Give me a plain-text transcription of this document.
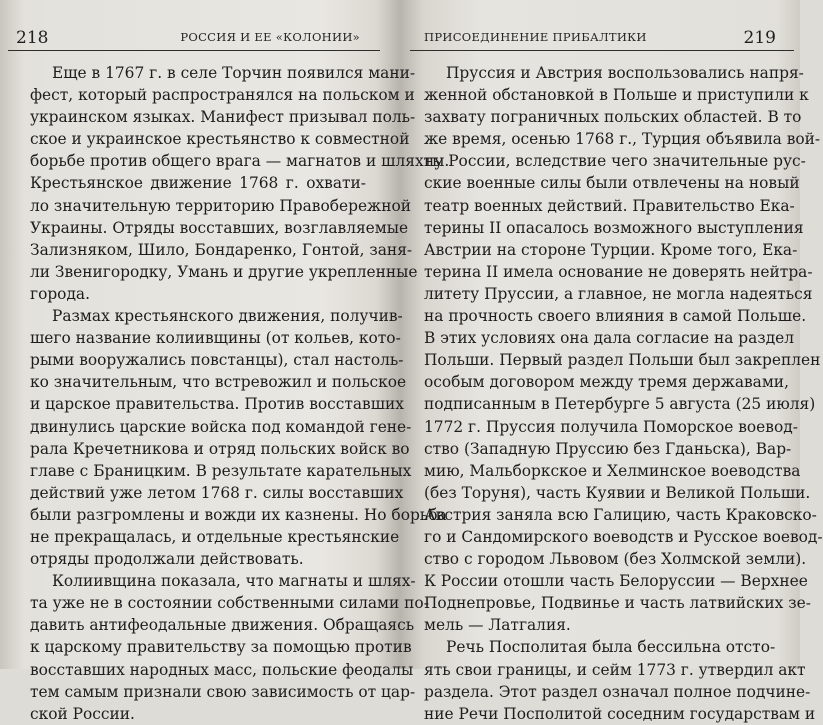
218	РОССИЯ И ЕЕ «КОЛОНИИ»
Еще в 1767 г. в селе Торчин появился мани-
фест, который распространялся на польском и
украинском языках. Манифест призывал поль-
ское и украинское крестьянство к совместной
борьбе против общего врага — магнатов и шляхты.
Крестьянское движение 1768 г. охвати-
ло значительную территорию Правобережной
Украины. Отряды восставших, возглавляемые
Зализняком, Шило, Бондаренко, Гонтой, заня-
ли Звенигородку, Умань и другие укрепленные
города.
Размах крестьянского движения, получив-
шего название колиивщины (от кольев, кото-
рыми вооружались повстанцы), стал настоль-
ко значительным, что встревожил и польское
и царское правительства. Против восставших
двинулись царские войска под командой гене-
рала Кречетникова и отряд польских войск во
главе с Браницким. В результате карательных
действий уже летом 1768 г. силы восставших
были разгромлены и вожди их казнены. Но борьба
не прекращалась, и отдельные крестьянские
отряды продолжали действовать.
Колиивщина показала, что магнаты и шлях-
та уже не в состоянии собственными силами по-
давить антифеодальные движения. Обращаясь
к царскому правительству за помощью против
восставших народных масс, польские феодалы
тем самым признали свою зависимость от цар-
ской России.
ПРИСОЕДИНЕНИЕ ПРИБАЛТИКИ	219
Пруссия и Австрия воспользовались напря-
женной обстановкой в Польше и приступили к
захвату пограничных польских областей. В то
же время, осенью 1768 г., Турция объявила вой-
ну России, вследствие чего значительные рус-
ские военные силы были отвлечены на новый
театр военных действий. Правительство Ека-
терины II опасалось возможного выступления
Австрии на стороне Турции. Кроме того, Ека-
терина II имела основание не доверять нейтра-
литету Пруссии, а главное, не могла надеяться
на прочность своего влияния в самой Польше.
В этих условиях она дала согласие на раздел
Польши. Первый раздел Польши был закреплен
особым договором между тремя державами,
подписанным в Петербурге 5 августа (25 июля)
1772 г. Пруссия получила Поморское воевод-
ство (Западную Пруссию без Гданьска), Вар-
мию, Мальборкское и Хелминское воеводства
(без Торуня), часть Куявии и Великой Польши.
Австрия заняла всю Галицию, часть Краковско-
го и Сандомирского воеводств и Русское воевод-
ство с городом Львовом (без Холмской земли).
К России отошли часть Белоруссии — Верхнее
Поднепровье, Подвинье и часть латвийских зе-
мель — Латгалия.
Речь Посполитая была бессильна отсто-
ять свои границы, и сейм 1773 г. утвердил акт
раздела. Этот раздел означал полное подчине-
ние Речи Посполитой соседним государствам и
